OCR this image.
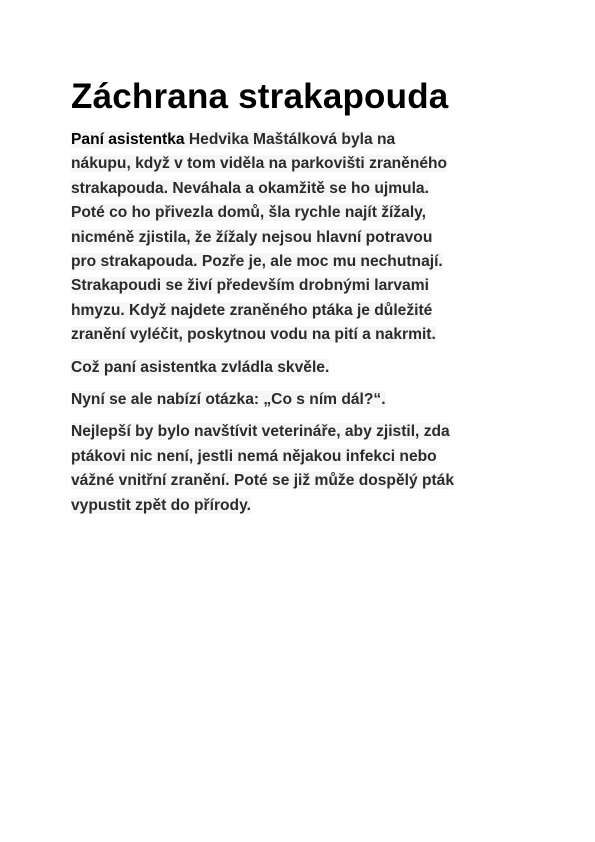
Záchrana strakapouda

Paní asistentka Hedvika Maštálková byla na
nákupu, když v tom viděla na parkovišti zraněného
strakapouda. Neváhala a okamžitě se ho ujmula.
Poté co ho přivezla domů, šla rychle najít žížaly,
nicméně zjistila, že žížaly nejsou hlavní potravou
pro strakapouda. Pozře je, ale moc mu nechutnají.
Strakapoudi se živí především drobnými larvami
hmyzu. Když najdete zraněného ptáka je důležité
zranění vyléčit, poskytnou vodu na pití a nakrmit.

Což paní asistentka zvládla skvěle.

Nyní se ale nabízí otázka: „Co s ním dál?“.

Nejlepší by bylo navštívit veterináře, aby zjistil, zda
ptákovi nic není, jestli nemá nějakou infekci nebo
vážné vnitřní zranění. Poté se již může dospělý pták
vypustit zpět do přírody.
